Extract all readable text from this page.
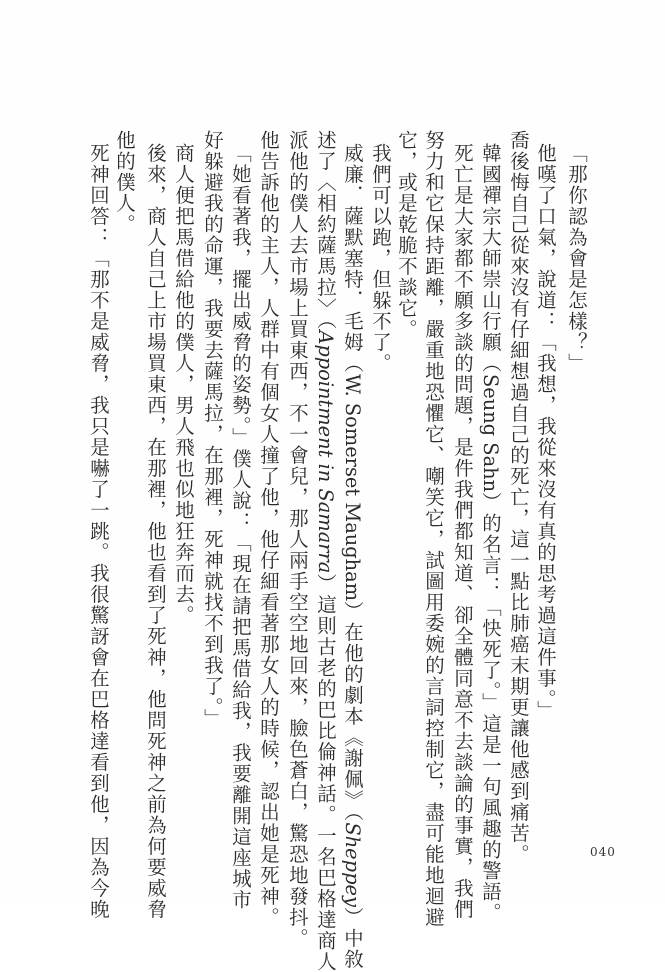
「那你認為會是怎樣？」
他嘆了口氣，說道：「我想，我從來沒有真的思考過這件事。」
喬後悔自己從來沒有仔細想過自己的死亡，這一點比肺癌末期更讓他感到痛苦。
韓國禪宗大師崇山行願（Seung Sahn）的名言：「快死了。」這是一句風趣的警語。
死亡是大家都不願多談的問題，是件我們都知道、卻全體同意不去談論的事實，我們
努力和它保持距離，嚴重地恐懼它、嘲笑它，試圖用委婉的言詞控制它，盡可能地迴避
它，或是乾脆不談它。
我們可以跑，但躲不了。
威廉．薩默塞特．毛姆（W. Somerset Maugham）在他的劇本《謝佩》（Sheppey）中敘
述了〈相約薩馬拉〉（Appointment in Samarra）這則古老的巴比倫神話。一名巴格達商人
派他的僕人去市場上買東西，不一會兒，那人兩手空空地回來，臉色蒼白，驚恐地發抖。
他告訴他的主人，人群中有個女人撞了他，他仔細看著那女人的時候，認出她是死神。
「她看著我，擺出威脅的姿勢。」僕人說：「現在請把馬借給我，我要離開這座城市
好躲避我的命運，我要去薩馬拉，在那裡，死神就找不到我了。」
商人便把馬借給他的僕人，男人飛也似地狂奔而去。
後來，商人自己上市場買東西，在那裡，他也看到了死神，他問死神之前為何要威脅
他的僕人。
死神回答：「那不是威脅，我只是嚇了一跳。我很驚訝會在巴格達看到他，因為今晚	040
